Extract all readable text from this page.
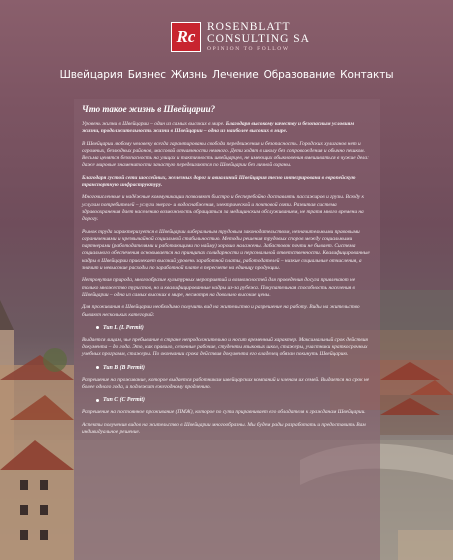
Rc
ROSENBLATT
CONSULTING SA
OPINION TO FOLLOW
Швейцария Бизнес Жизнь Лечение Образование Контакты
Что такое жизнь в Швейцарии?

Уровень жизни в Швейцарии – один из самых высоких в мире. Благодаря высокому качеству и безопасным условиям жизни, продолжительность жизни в Швейцарии – одна из наиболее высоких в мире.

В Швейцарии любому человеку всегда гарантированы свобода передвижения и безопасность. Городских хулиганов нет и огромных, безлюдных районов, массовой отчаянности немного. Дети ходят в школу без сопровождения и обычно пешком. Весьма ценятся безопасность на улицах и тактичность швейцарцев, не имеющих обыкновения вмешиваться в чужие дела: даже мировые знаменитости зачастую передвигаются по Швейцарии без личной охраны.

Благодаря густой сети шоссейных, железных дорог и авиалиний Швейцария тесно интегрирована в европейскую транспортную инфраструктуру.

Многочисленные и надёжные коммуникации позволяют быстро и бесперебойно доставлять пассажиров и грузы. Всюду к услугам потребителей – услуги энерго- и водоснабжения, электрической и почтовой связи. Развитая система здравоохранения дает населению возможность обращаться за медицинским обслуживанием, не тратя много времени на дорогу.

Рынок труда характеризуется в Швейцарии либеральным трудовым законодательством, незначительными правовыми ограничениями и чрезвычайной социальной стабильностью. Методы решения трудовых споров между социальными партнерами (работодателями и работающими по найму) хорошо налажены. Забастовок почти не бывает. Система социального обеспечения основывается на принципах солидарности и персональной ответственности. Квалифицированные кадры в Швейцарии привлекает высокий уровень заработной платы, работодателей – низкие социальные отчисления, а значит и невысокие расходы по заработной плате в пересчете на единицу продукции.

Нетронутая природа, многообразие культурных мероприятий и возможностей для проведения досуга привлекают не только множество туристов, но и квалифицированные кадры из-за рубежа. Покупательная способность населения в Швейцарии – одна из самых высоких в мире, несмотря на довольно высокие цены.

Для проживания в Швейцарии необходимо получить вид на жительство и разрешение на работу. Виды на жительство бывают нескольких категорий:

Тип L (L Permit)

Выдается лицам, чье пребывание в стране непродолжительно и носит временный характер. Максимальный срок действия документа – до года. Это, как правило, сезонные рабочие, студенты языковых школ, стажеры, участники краткосрочных учебных программ, стажеры. По окончании срока действия документа его владелец обязан покинуть Швейцарию.

Тип В (В Permit)

Разрешение на проживание, которое выдается работникам швейцарских компаний и членам их семей. Выдается на срок не более одного года, и подлежит ежегодному продлению.

Тип С (С Permit)

Разрешение на постоянное проживание (ПМЖ), которое по сути приравнивает его обладателя к гражданам Швейцарии.

Аспекты получения видов на жительство в Швейцарии многообразны. Мы будем рады разработать и предоставить Вам индивидуальное решение.
